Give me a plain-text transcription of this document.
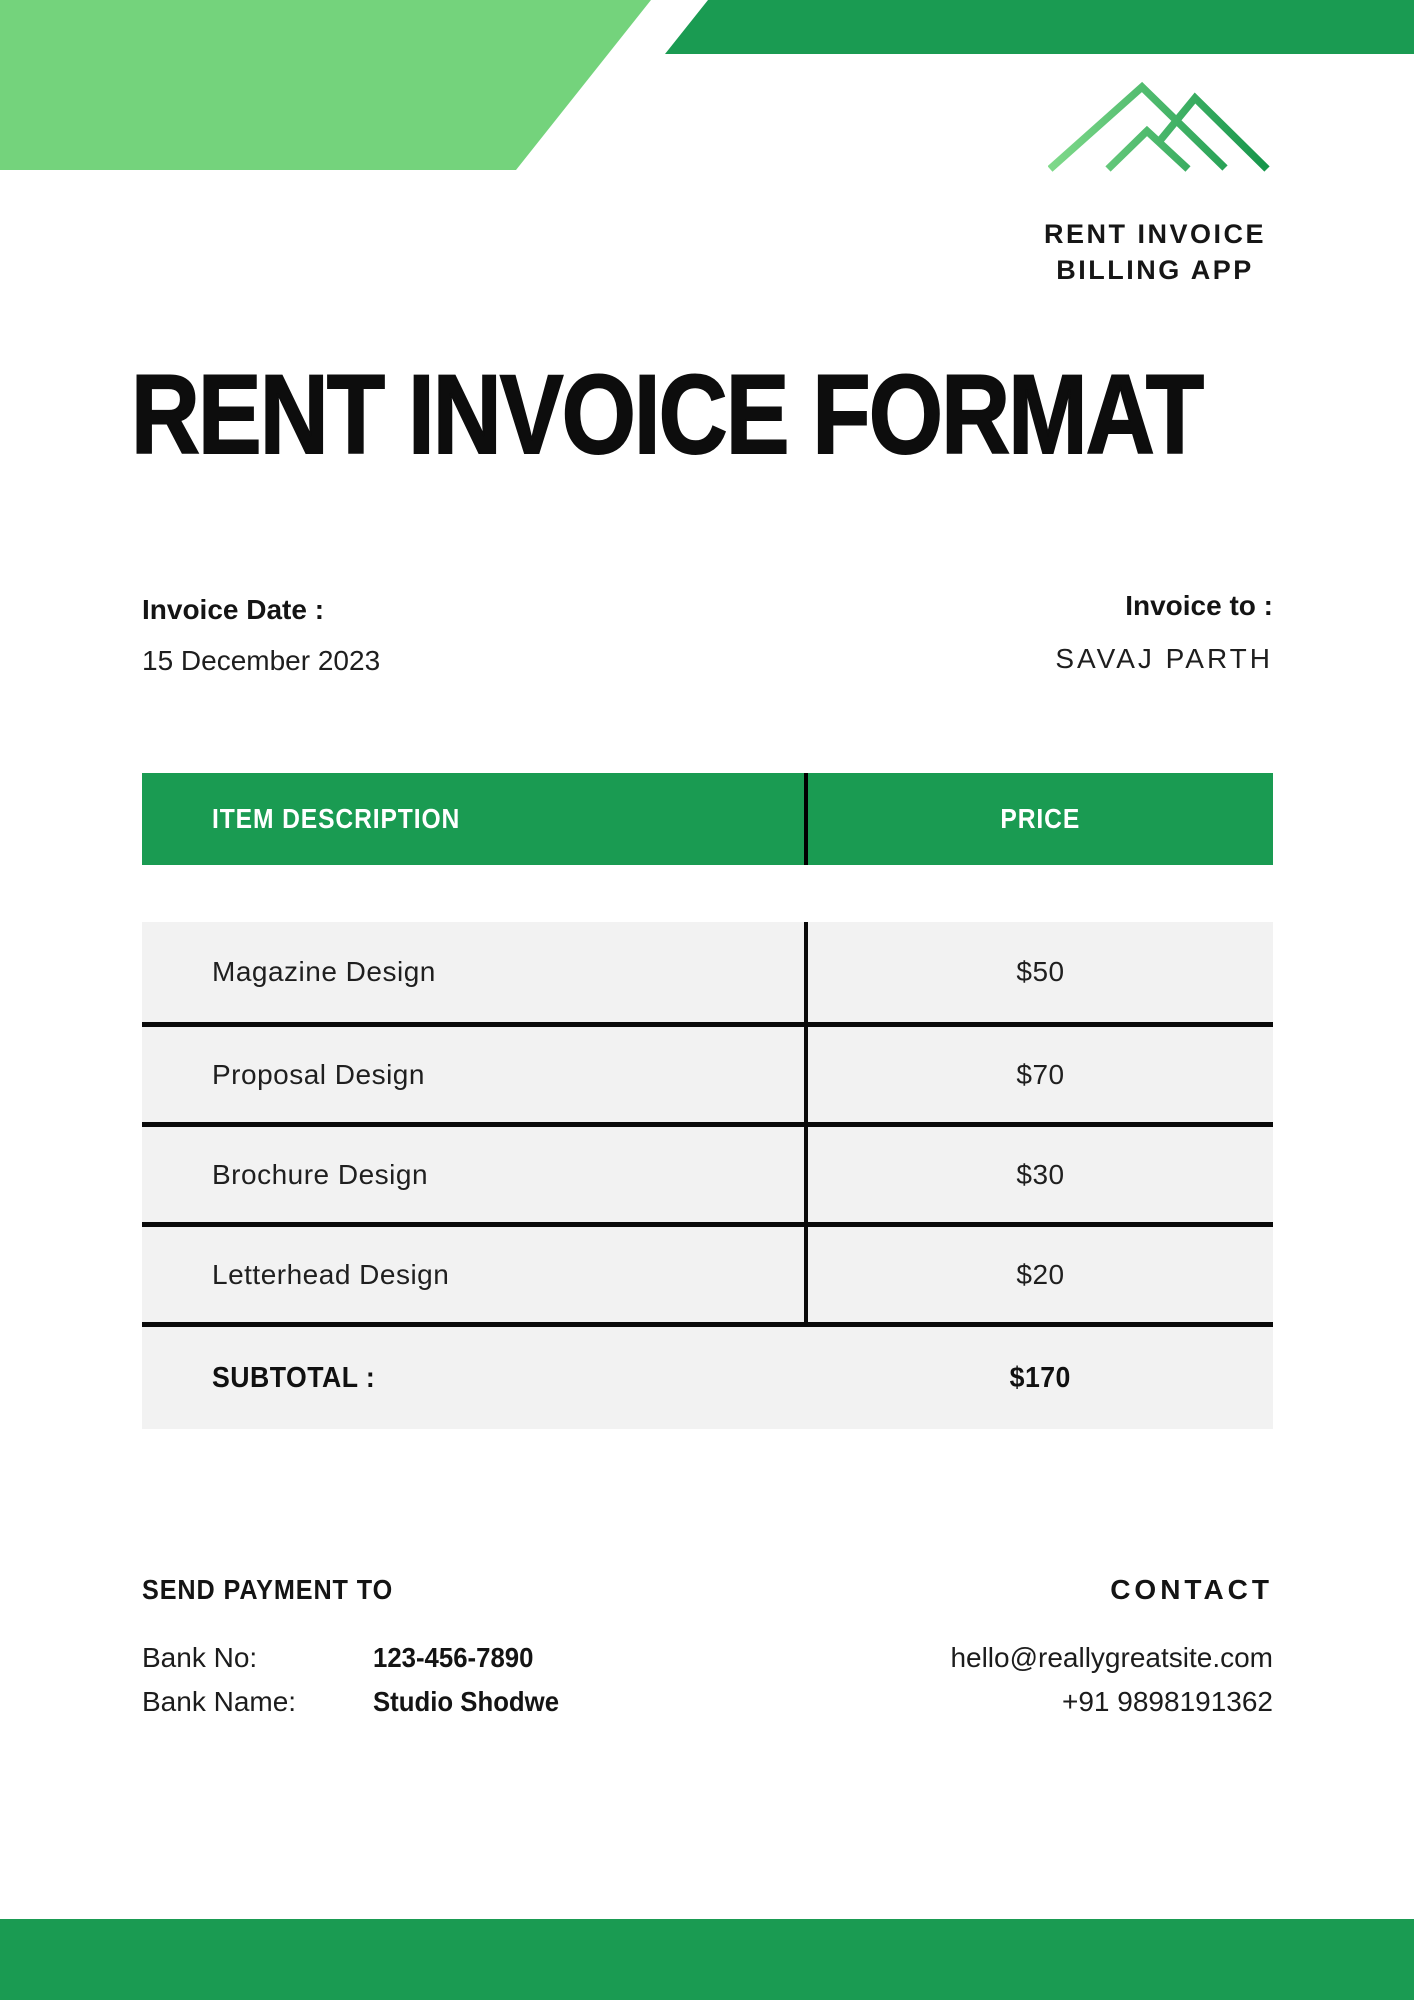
RENT INVOICE
BILLING APP
RENT INVOICE FORMAT
Invoice Date :
15 December 2023
Invoice to :
SAVAJ PARTH
ITEM DESCRIPTION	PRICE
Magazine Design	$50
Proposal Design	$70
Brochure Design	$30
Letterhead Design	$20
SUBTOTAL :	$170
SEND PAYMENT TO
Bank No:	123-456-7890
Bank Name:	Studio Shodwe
CONTACT
hello@reallygreatsite.com
+91 9898191362
